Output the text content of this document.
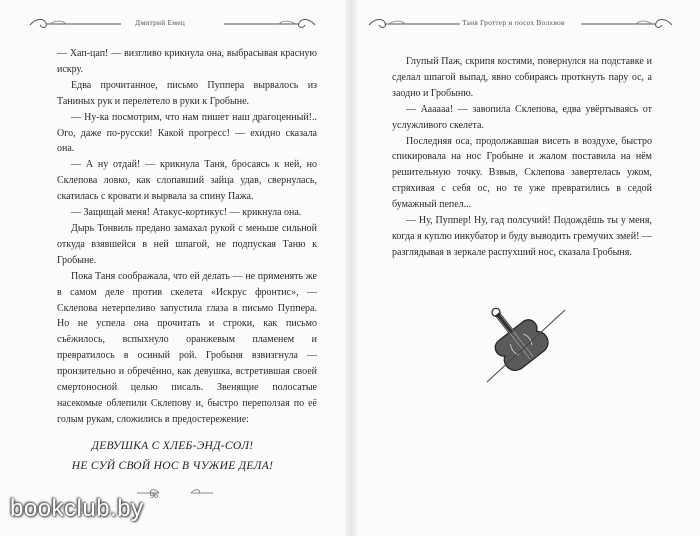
Дмитрий Емец

— Хап-цап! — визгливо крикнула она, выбрасывая красную искру.

Едва прочитанное, письмо Пуппера вырвалось из Таниных рук и перелетело в руки к Гробыне.

— Ну-ка посмотрим, что нам пишет наш драгоценный!.. Ого, даже по-русски! Какой прогресс! — ехидно сказала она.

— А ну отдай! — крикнула Таня, бросаясь к ней, но Склепова ловко, как слопавший зайца удав, свернулась, скатилась с кровати и вырвала за спину Пажа.

— Защищай меня! Атакус-кортикус! — крикнула она.

Дырь Тонвиль предано замахал рукой с меньше сильной откуда взявшейся в ней шпагой, не подпуская Таню к Гробыне.

Пока Таня соображала, что ей делать — не применять же в самом деле против скелета «Искрус фронтис», — Склепова нетерпеливо запустила глаза в письмо Пуппера. Но не успела она прочитать и строки, как письмо съёжилось, вспыхнуло оранжевым пламенем и превратилось в осиный рой. Гробыня взвизгнула — пронзительно и обречённо, как девушка, встретившая своей смертоносной целью писаль. Звенящие полосатые насекомые облепили Склепову и, быстро переползая по её голым рукам, сложились в предостережение:

ДЕВУШКА С ХЛЕБ-ЭНД-СОЛ!
НЕ СУЙ СВОЙ НОС В ЧУЖИЕ ДЕЛА!
96
Таня Гроттер и посох Волхвов

Глупый Паж, скрипя костями, повернулся на подставке и сделал шпагой выпад, явно собираясь проткнуть пару ос, а заодно и Гробыню.

— Аааааа! — завопила Склепова, едва увёртываясь от услужливого скелета.

Последняя оса, продолжавшая висеть в воздухе, быстро спикировала на нос Гробыне и жалом поставила на нём решительную точку. Взвыв, Склепова завертелась ужом, стряхивая с себя ос, но те уже превратились в седой бумажный пепел...

— Ну, Пуппер! Ну, гад полсучий! Подождёшь ты у меня, когда я куплю инкубатор и буду выводить гремучих змей! — разглядывая в зеркале распухший нос, сказала Гробыня.

bookclub.by
